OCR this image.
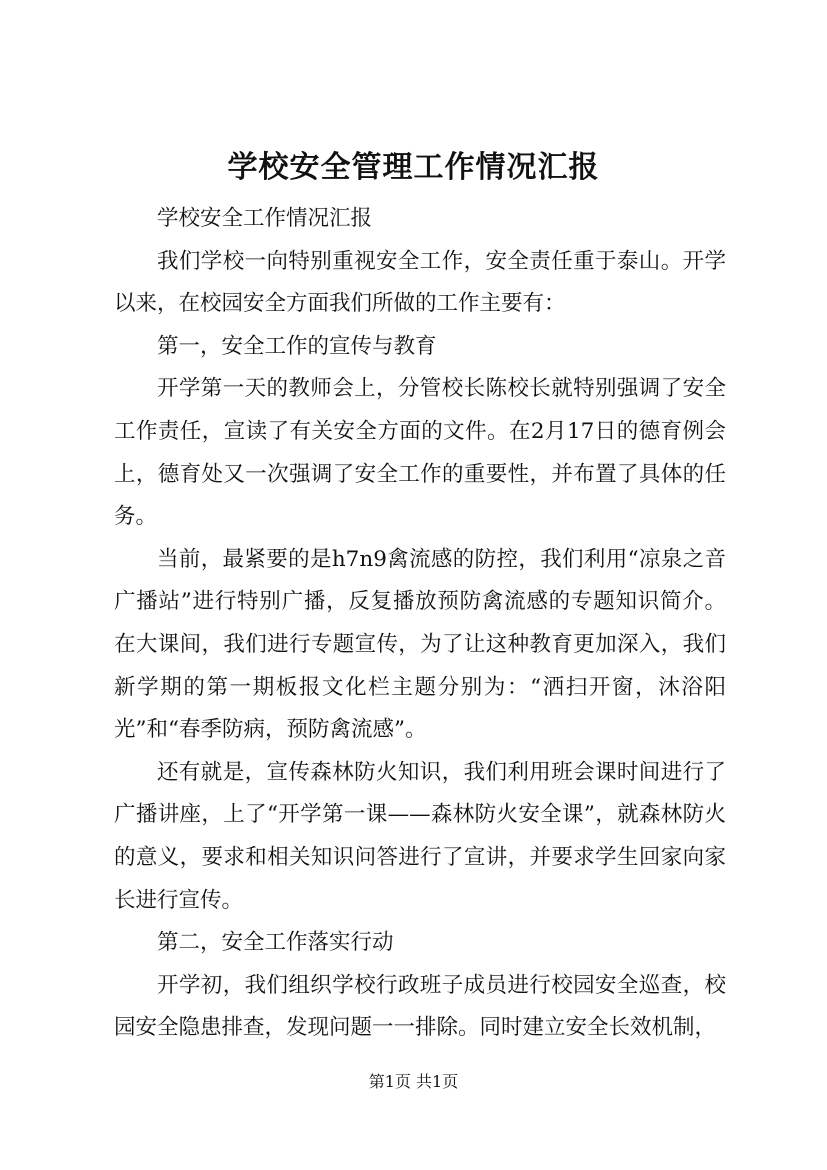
学校安全管理工作情况汇报

学校安全工作情况汇报

我们学校一向特别重视安全工作，安全责任重于泰山。开学以来，在校园安全方面我们所做的工作主要有：

第一，安全工作的宣传与教育

开学第一天的教师会上，分管校长陈校长就特别强调了安全工作责任，宣读了有关安全方面的文件。在2月17日的德育例会上，德育处又一次强调了安全工作的重要性，并布置了具体的任务。

当前，最紧要的是h7n9禽流感的防控，我们利用“凉泉之音广播站”进行特别广播，反复播放预防禽流感的专题知识简介。在大课间，我们进行专题宣传，为了让这种教育更加深入，我们新学期的第一期板报文化栏主题分别为：“洒扫开窗，沐浴阳光”和“春季防病，预防禽流感”。

还有就是，宣传森林防火知识，我们利用班会课时间进行了广播讲座，上了“开学第一课——森林防火安全课”，就森林防火的意义，要求和相关知识问答进行了宣讲，并要求学生回家向家长进行宣传。

第二，安全工作落实行动

开学初，我们组织学校行政班子成员进行校园安全巡查，校园安全隐患排查，发现问题一一排除。同时建立安全长效机制，

第1页 共1页
